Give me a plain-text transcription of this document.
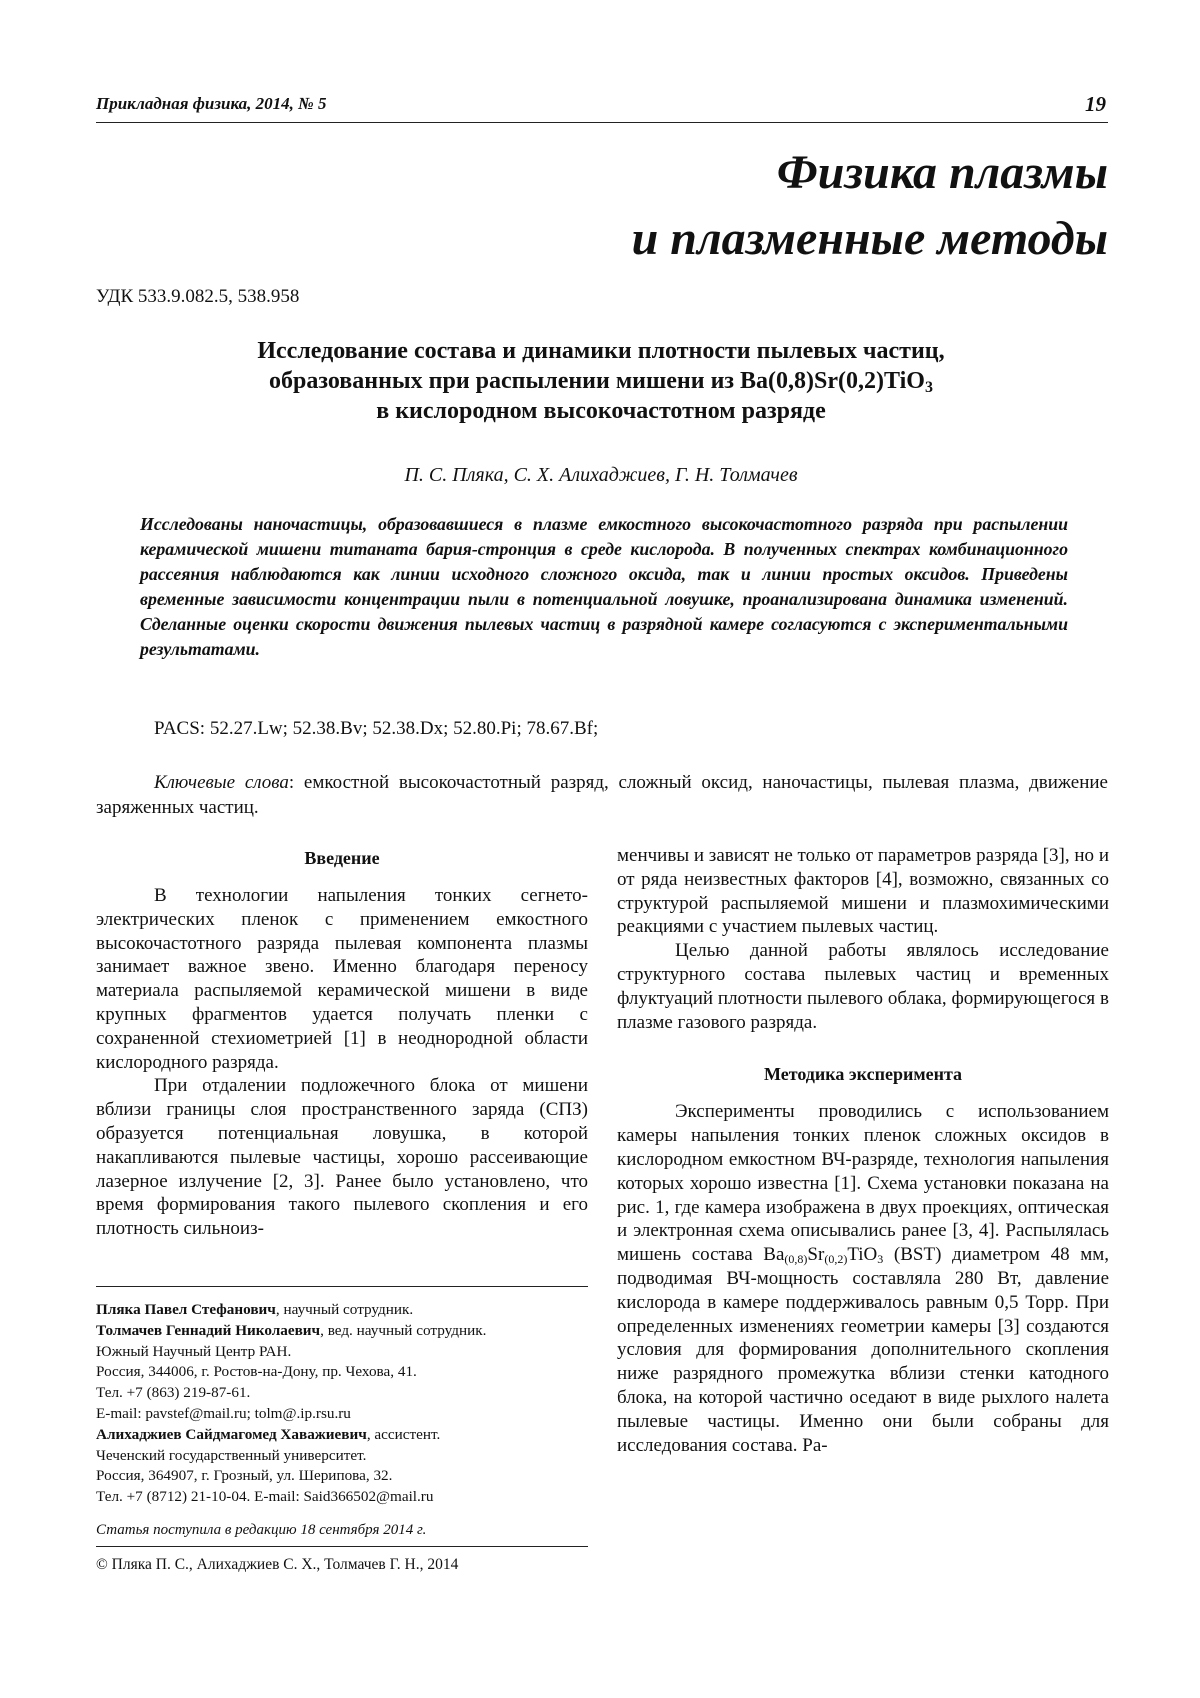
Прикладная физика, 2014, № 5	19
Физика плазмы
и плазменные методы
УДК 533.9.082.5, 538.958
Исследование состава и динамики плотности пылевых частиц,
образованных при распылении мишени из Ba(0,8)Sr(0,2)TiO$_3$
в кислородном высокочастотном разряде
П. С. Пляка, С. Х. Алихаджиев, Г. Н. Толмачев
Исследованы наночастицы, образовавшиеся в плазме емкостного высокочастотного разряда при распылении керамической мишени титаната бария-стронция в среде кислорода. В полученных спектрах комбинационного рассеяния наблюдаются как линии исходного сложного оксида, так и линии простых оксидов. Приведены временные зависимости концентрации пыли в потенциальной ловушке, проанализирована динамика изменений. Сделанные оценки скорости движения пылевых частиц в разрядной камере согласуются с экспериментальными результатами.
PACS: 52.27.Lw; 52.38.Bv; 52.38.Dx; 52.80.Pi; 78.67.Bf;
Ключевые слова: емкостной высокочастотный разряд, сложный оксид, наночастицы, пылевая плазма, движение заряженных частиц.
Введение

В технологии напыления тонких сегнето-электрических пленок с применением емкостного высокочастотного разряда пылевая компонента плазмы занимает важное звено. Именно благодаря переносу материала распыляемой керамической мишени в виде крупных фрагментов удается получать пленки с сохраненной стехиометрией [1] в неоднородной области кислородного разряда.

При отдалении подложечного блока от мишени вблизи границы слоя пространственного заряда (СПЗ) образуется потенциальная ловушка, в которой накапливаются пылевые частицы, хорошо рассеивающие лазерное излучение [2, 3]. Ранее было установлено, что время формирования такого пылевого скопления и его плотность сильноиз-

менчивы и зависят не только от параметров разряда [3], но и от ряда неизвестных факторов [4], возможно, связанных со структурой распыляемой мишени и плазмохимическими реакциями с участием пылевых частиц.

Целью данной работы являлось исследование структурного состава пылевых частиц и временных флуктуаций плотности пылевого облака, формирующегося в плазме газового разряда.

Методика эксперимента

Эксперименты проводились с использованием камеры напыления тонких пленок сложных оксидов в кислородном емкостном ВЧ-разряде, технология напыления которых хорошо известна [1]. Схема установки показана на рис. 1, где камера изображена в двух проекциях, оптическая и электронная схема описывались ранее [3, 4]. Распылялась мишень состава $Ba_{(0,8)}Sr_{(0,2)}TiO_3$ (BST) диаметром 48 мм, подводимая ВЧ-мощность составляла 280 Вт, давление кислорода в камере поддерживалось равным 0,5 Торр. При определенных изменениях геометрии камеры [3] создаются условия для формирования дополнительного скопления ниже разрядного промежутка вблизи стенки катодного блока, на которой частично оседают в виде рыхлого налета пылевые частицы. Именно они были собраны для исследования состава. Ра-

Пляка Павел Стефанович, научный сотрудник.
Толмачев Геннадий Николаевич, вед. научный сотрудник.
Южный Научный Центр РАН.
Россия, 344006, г. Ростов-на-Дону, пр. Чехова, 41.
Тел. +7 (863) 219-87-61.
E-mail: pavstef@mail.ru; tolm@.ip.rsu.ru
Алихаджиев Сайдмагомед Хаважиевич, ассистент.
Чеченский государственный университет.
Россия, 364907, г. Грозный, ул. Шерипова, 32.
Тел. +7 (8712) 21-10-04. E-mail: Said366502@mail.ru
Статья поступила в редакцию 18 сентября 2014 г.
© Пляка П. С., Алихаджиев С. Х., Толмачев Г. Н., 2014
